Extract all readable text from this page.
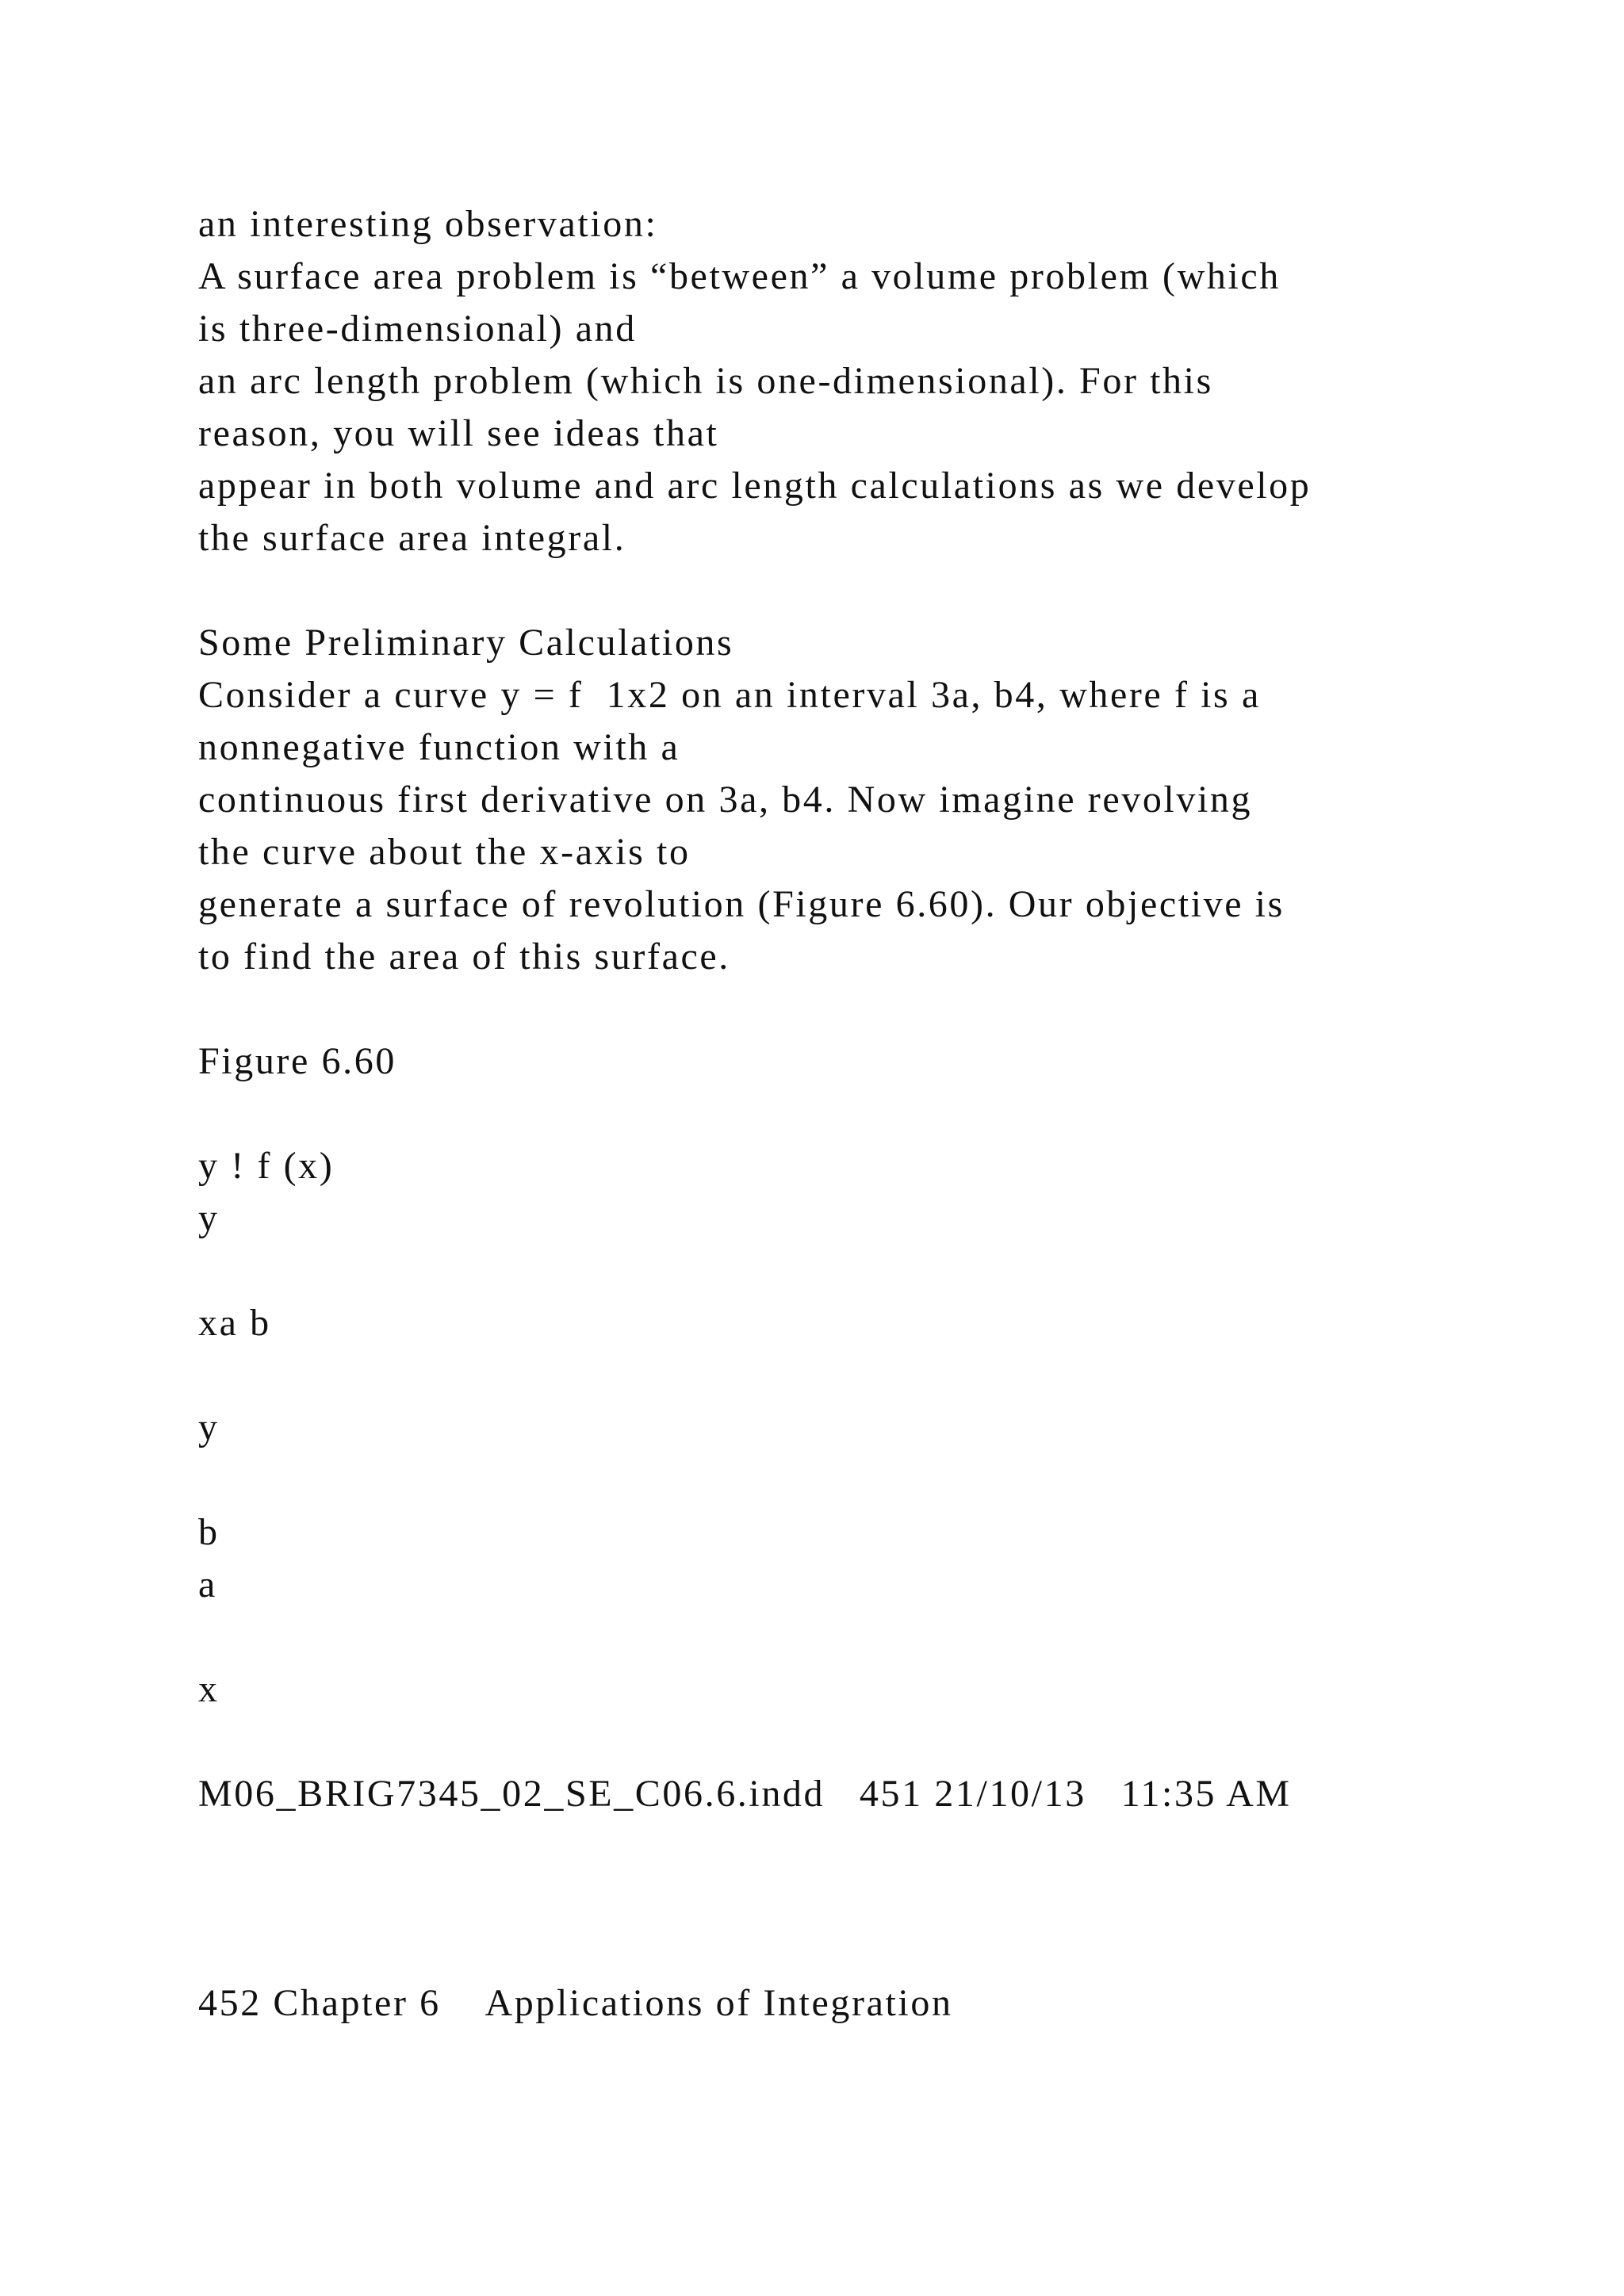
an interesting observation:
A surface area problem is “between” a volume problem (which
is three-dimensional) and
an arc length problem (which is one-dimensional). For this
reason, you will see ideas that
appear in both volume and arc length calculations as we develop
the surface area integral.
Some Preliminary Calculations
Consider a curve y = f  1x2 on an interval 3a, b4, where f is a
nonnegative function with a
continuous first derivative on 3a, b4. Now imagine revolving
the curve about the x-axis to
generate a surface of revolution (Figure 6.60). Our objective is
to find the area of this surface.
Figure 6.60
y ! f (x)
y
xa b
y
b
a
x
M06_BRIG7345_02_SE_C06.6.indd   451 21/10/13   11:35 AM
452 Chapter 6    Applications of Integration
